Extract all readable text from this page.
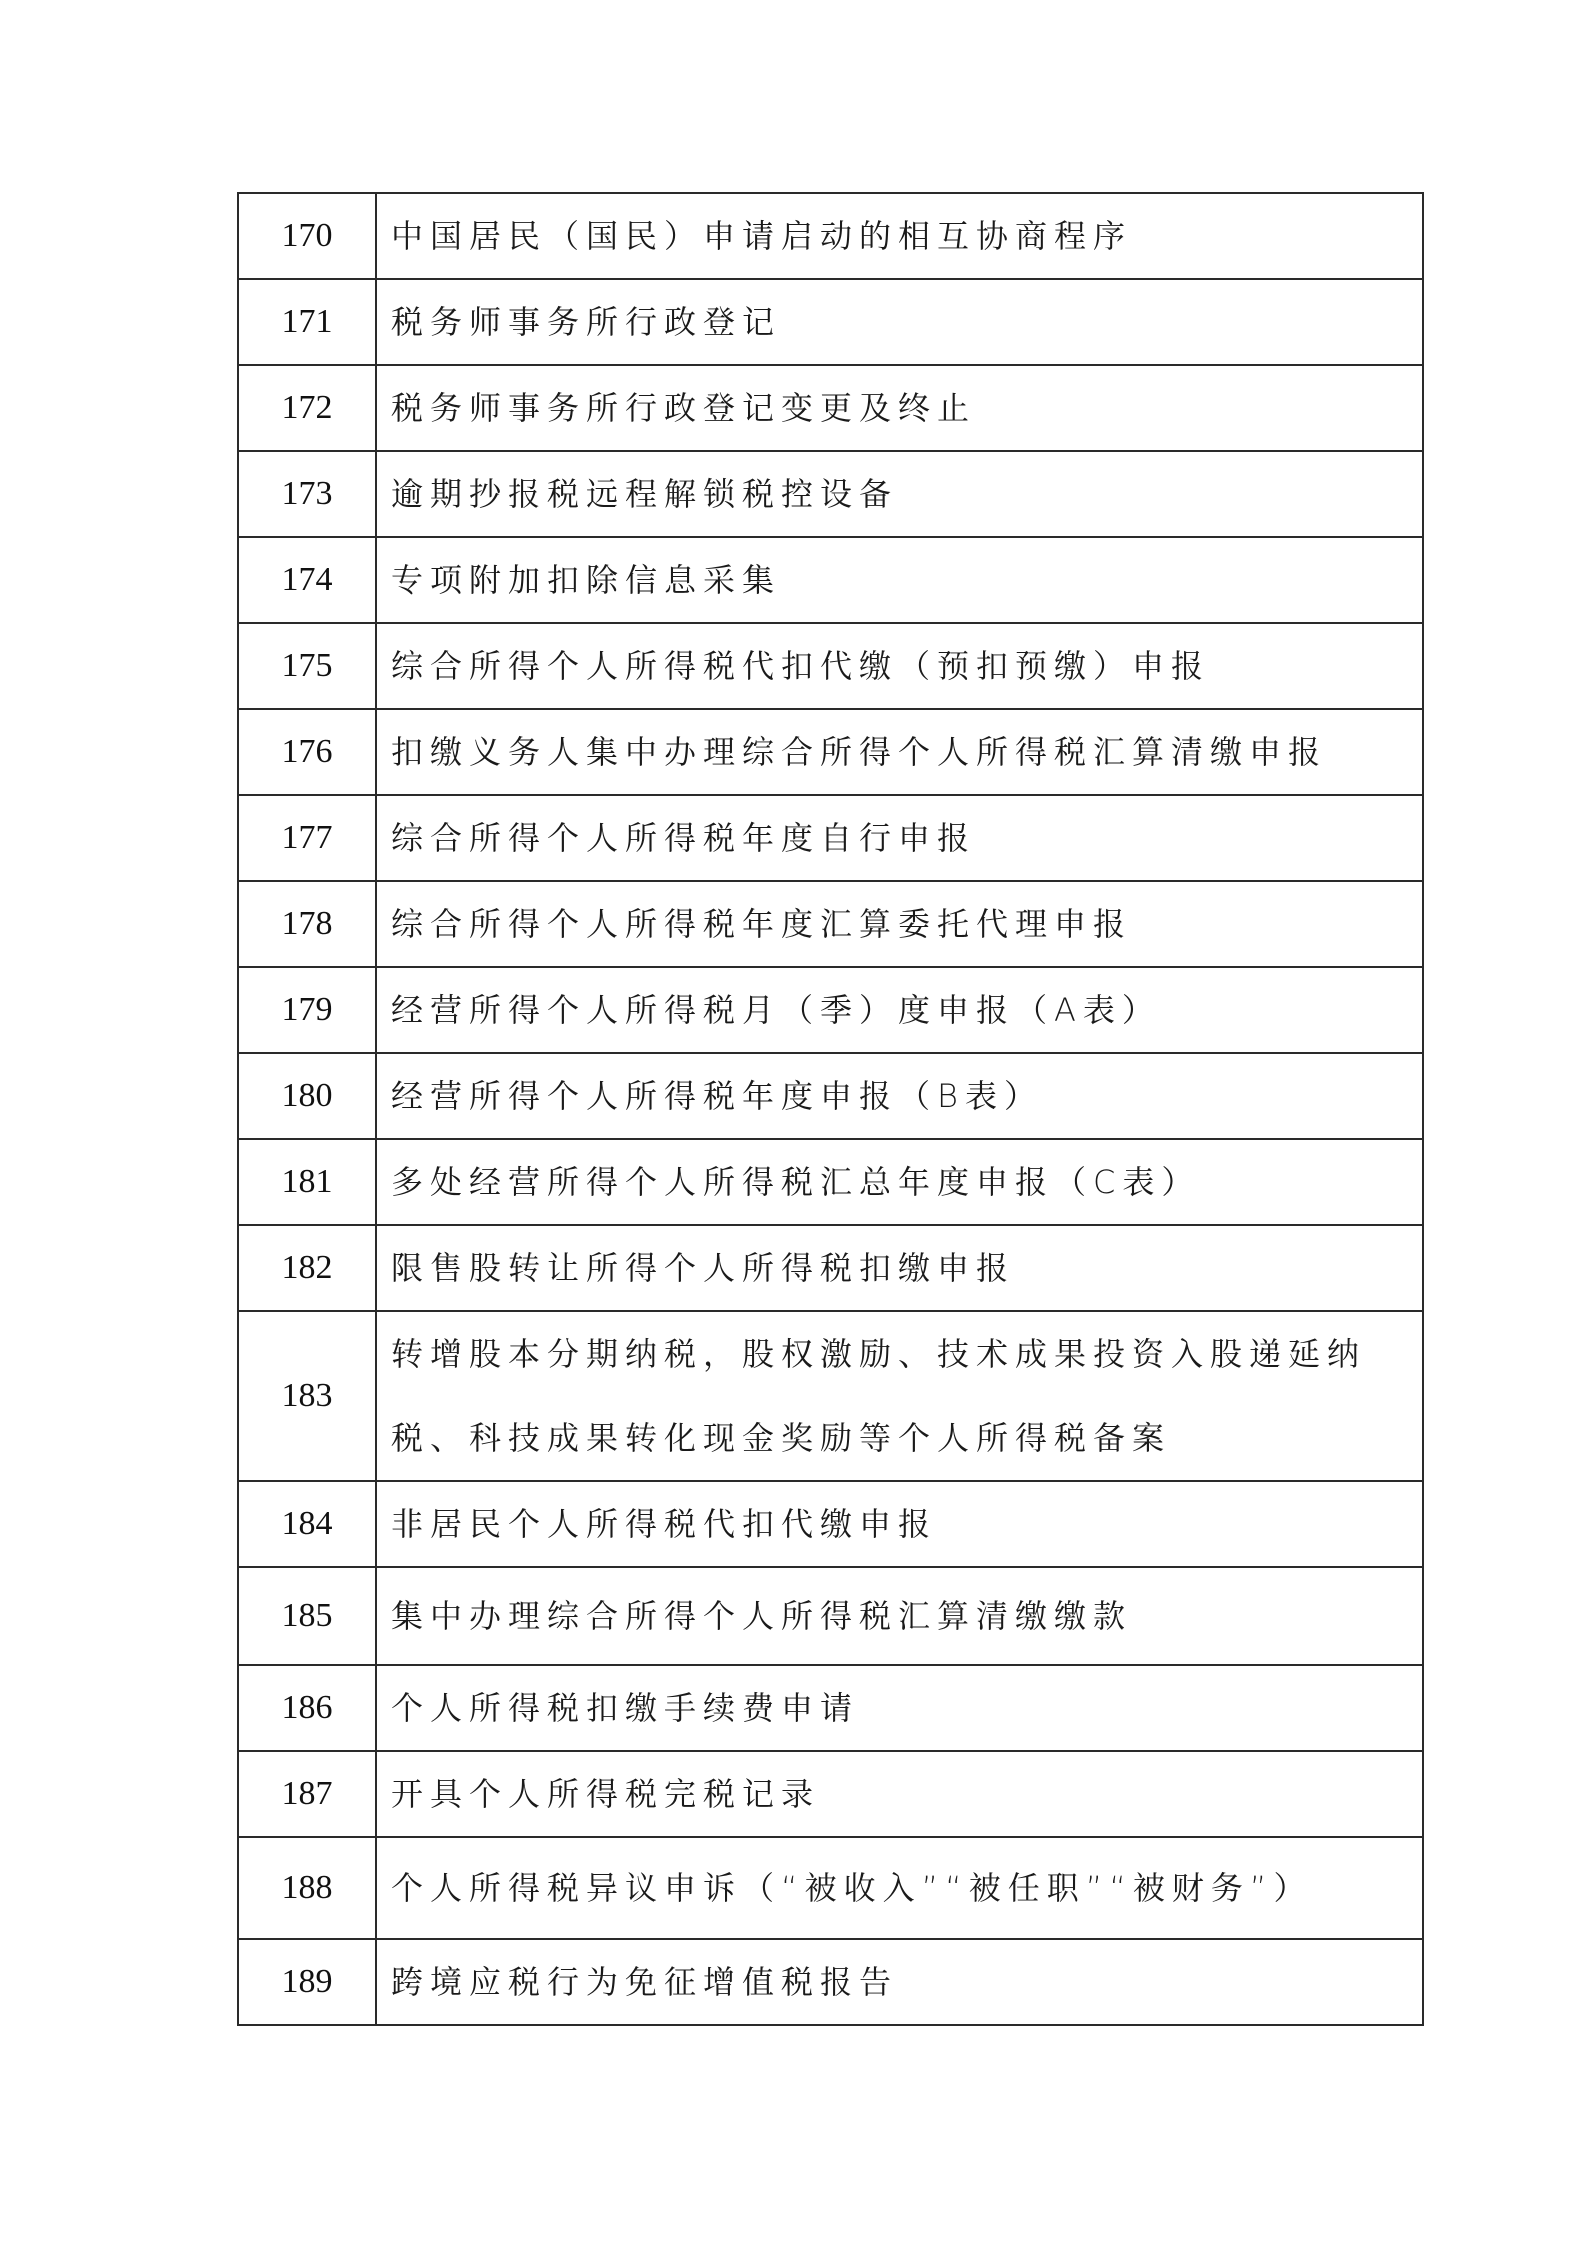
170	中国居民（国民）申请启动的相互协商程序
171	税务师事务所行政登记
172	税务师事务所行政登记变更及终止
173	逾期抄报税远程解锁税控设备
174	专项附加扣除信息采集
175	综合所得个人所得税代扣代缴（预扣预缴）申报
176	扣缴义务人集中办理综合所得个人所得税汇算清缴申报
177	综合所得个人所得税年度自行申报
178	综合所得个人所得税年度汇算委托代理申报
179	经营所得个人所得税月（季）度申报（A表）
180	经营所得个人所得税年度申报（B表）
181	多处经营所得个人所得税汇总年度申报（C表）
182	限售股转让所得个人所得税扣缴申报
183	转增股本分期纳税，股权激励、技术成果投资入股递延纳税、科技成果转化现金奖励等个人所得税备案
184	非居民个人所得税代扣代缴申报
185	集中办理综合所得个人所得税汇算清缴缴款
186	个人所得税扣缴手续费申请
187	开具个人所得税完税记录
188	个人所得税异议申诉（“被收入”“被任职”“被财务”）
189	跨境应税行为免征增值税报告
